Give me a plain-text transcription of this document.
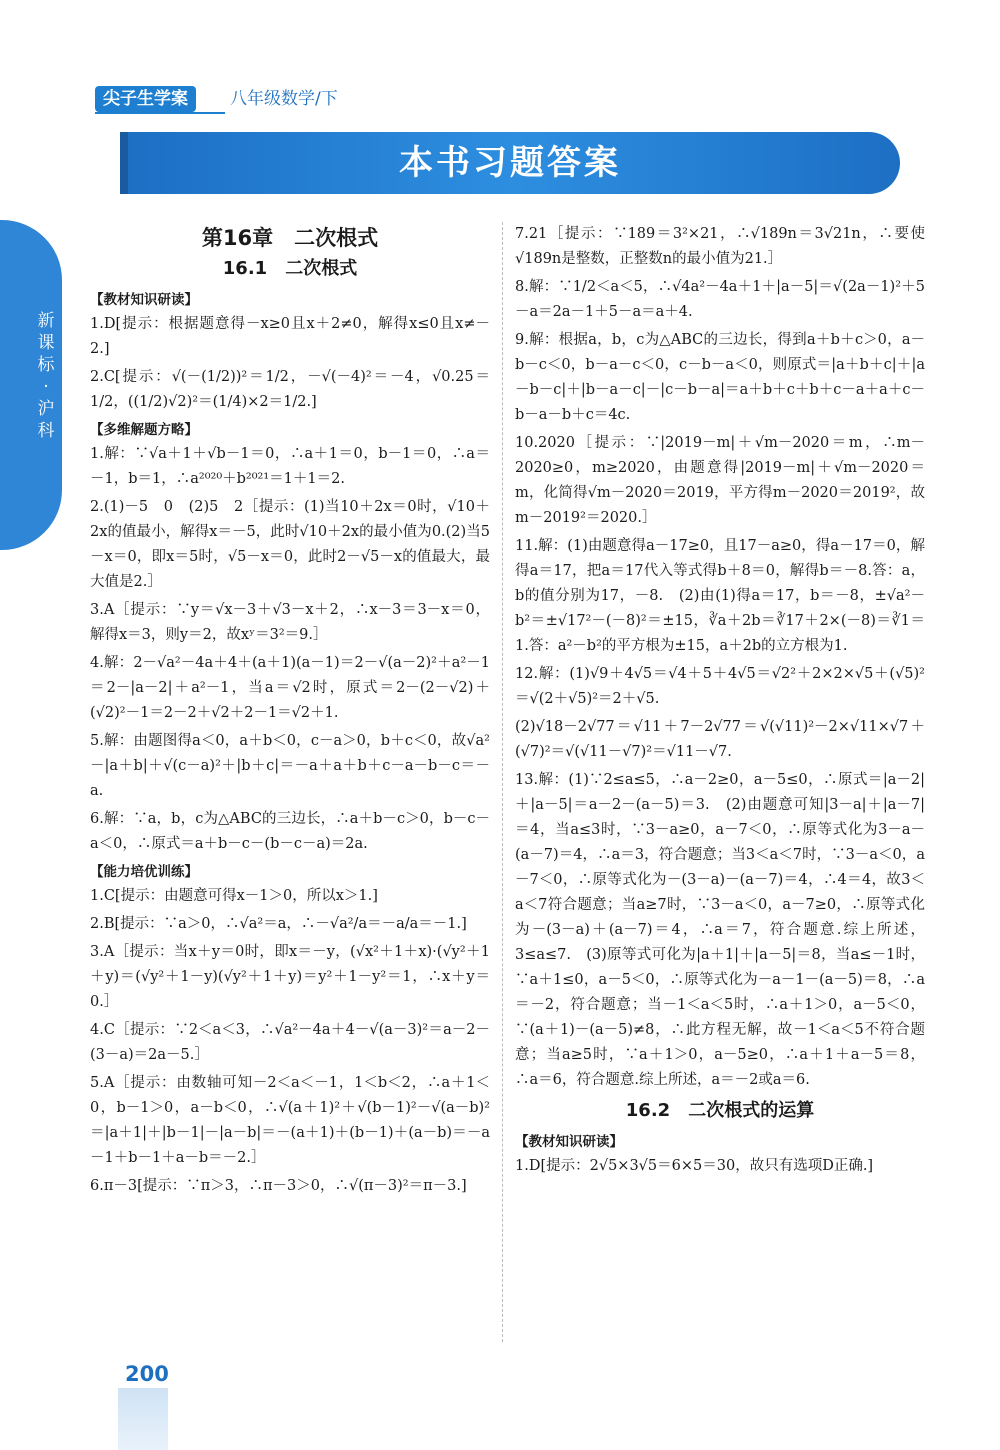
新课标 · 沪科
尖子生学案	八年级数学/下
本书习题答案
第16章　二次根式
16.1　二次根式
【教材知识研读】
1.D[提示：根据题意得－x≥0且x＋2≠0，解得x≤0且x≠－2.]
2.C[提示：√(－(1/2))²＝1/2，－√(－4)²＝－4，√0.25＝1/2，((1/2)√2)²＝(1/4)×2＝1/2.]
【多维解题方略】
1.解：∵√a＋1＋√b－1＝0，∴a＋1＝0，b－1＝0，∴a＝－1，b＝1，∴a²⁰²⁰＋b²⁰²¹＝1＋1＝2.
2.(1)－5　0　(2)5　2［提示：(1)当10＋2x＝0时，√10＋2x的值最小，解得x＝－5，此时√10＋2x的最小值为0.(2)当5－x＝0，即x＝5时，√5－x＝0，此时2－√5－x的值最大，最大值是2.］
3.A［提示：∵y＝√x－3＋√3－x＋2，∴x－3＝3－x＝0，解得x＝3，则y＝2，故xʸ＝3²＝9.］
4.解：2－√a²－4a＋4＋(a＋1)(a－1)＝2－√(a－2)²＋a²－1＝2－|a－2|＋a²－1，当a＝√2时，原式＝2－(2－√2)＋(√2)²－1＝2－2＋√2＋2－1＝√2＋1.
5.解：由题图得a＜0，a＋b＜0，c－a＞0，b＋c＜0，故√a²－|a＋b|＋√(c－a)²＋|b＋c|＝－a＋a＋b＋c－a－b－c＝－a.
6.解：∵a，b，c为△ABC的三边长，∴a＋b－c＞0，b－c－a＜0，∴原式＝a＋b－c－(b－c－a)＝2a.
【能力培优训练】
1.C[提示：由题意可得x－1＞0，所以x＞1.]
2.B[提示：∵a＞0，∴√a²＝a，∴－√a²/a＝－a/a＝－1.]
3.A［提示：当x＋y＝0时，即x＝－y，(√x²＋1＋x)·(√y²＋1＋y)＝(√y²＋1－y)(√y²＋1＋y)＝y²＋1－y²＝1，∴x＋y＝0.］
4.C［提示：∵2＜a＜3，∴√a²－4a＋4－√(a－3)²＝a－2－(3－a)＝2a－5.］
5.A［提示：由数轴可知－2＜a＜－1，1＜b＜2，∴a＋1＜0，b－1＞0，a－b＜0，∴√(a＋1)²＋√(b－1)²－√(a－b)²＝|a＋1|＋|b－1|－|a－b|＝－(a＋1)＋(b－1)＋(a－b)＝－a－1＋b－1＋a－b＝－2.］
6.π－3[提示：∵π＞3，∴π－3＞0，∴√(π－3)²＝π－3.]
7.21［提示：∵189＝3²×21，∴√189n＝3√21n，∴要使√189n是整数，正整数n的最小值为21.］
8.解：∵1/2＜a＜5，∴√4a²－4a＋1＋|a－5|＝√(2a－1)²＋5－a＝2a－1＋5－a＝a＋4.
9.解：根据a，b，c为△ABC的三边长，得到a＋b＋c＞0，a－b－c＜0，b－a－c＜0，c－b－a＜0，则原式＝|a＋b＋c|＋|a－b－c|＋|b－a－c|－|c－b－a|＝a＋b＋c＋b＋c－a＋a＋c－b－a－b＋c＝4c.
10.2020［提示：∵|2019－m|＋√m－2020＝m，∴m－2020≥0，m≥2020，由题意得|2019－m|＋√m－2020＝m，化简得√m－2020＝2019，平方得m－2020＝2019²，故m－2019²＝2020.］
11.解：(1)由题意得a－17≥0，且17－a≥0，得a－17＝0，解得a＝17，把a＝17代入等式得b＋8＝0，解得b＝－8.答：a，b的值分别为17，－8.　(2)由(1)得a＝17，b＝－8，±√a²－b²＝±√17²－(－8)²＝±15，∛a＋2b＝∛17＋2×(－8)＝∛1＝1.答：a²－b²的平方根为±15，a＋2b的立方根为1.
12.解：(1)√9＋4√5＝√4＋5＋4√5＝√2²＋2×2×√5＋(√5)²＝√(2＋√5)²＝2＋√5.
(2)√18－2√77＝√11＋7－2√77＝√(√11)²－2×√11×√7＋(√7)²＝√(√11－√7)²＝√11－√7.
13.解：(1)∵2≤a≤5，∴a－2≥0，a－5≤0，∴原式＝|a－2|＋|a－5|＝a－2－(a－5)＝3.　(2)由题意可知|3－a|＋|a－7|＝4，当a≤3时，∵3－a≥0，a－7＜0，∴原等式化为3－a－(a－7)＝4，∴a＝3，符合题意；当3＜a＜7时，∵3－a＜0，a－7＜0，∴原等式化为－(3－a)－(a－7)＝4，∴4＝4，故3＜a＜7符合题意；当a≥7时，∵3－a＜0，a－7≥0，∴原等式化为－(3－a)＋(a－7)＝4，∴a＝7，符合题意.综上所述，3≤a≤7.　(3)原等式可化为|a＋1|＋|a－5|＝8，当a≤－1时，∵a＋1≤0，a－5＜0，∴原等式化为－a－1－(a－5)＝8，∴a＝－2，符合题意；当－1＜a＜5时，∴a＋1＞0，a－5＜0，∵(a＋1)－(a－5)≠8，∴此方程无解，故－1＜a＜5不符合题意；当a≥5时，∵a＋1＞0，a－5≥0，∴a＋1＋a－5＝8，∴a＝6，符合题意.综上所述，a＝－2或a＝6.
16.2　二次根式的运算
【教材知识研读】
1.D[提示：2√5×3√5＝6×5＝30，故只有选项D正确.]
200
